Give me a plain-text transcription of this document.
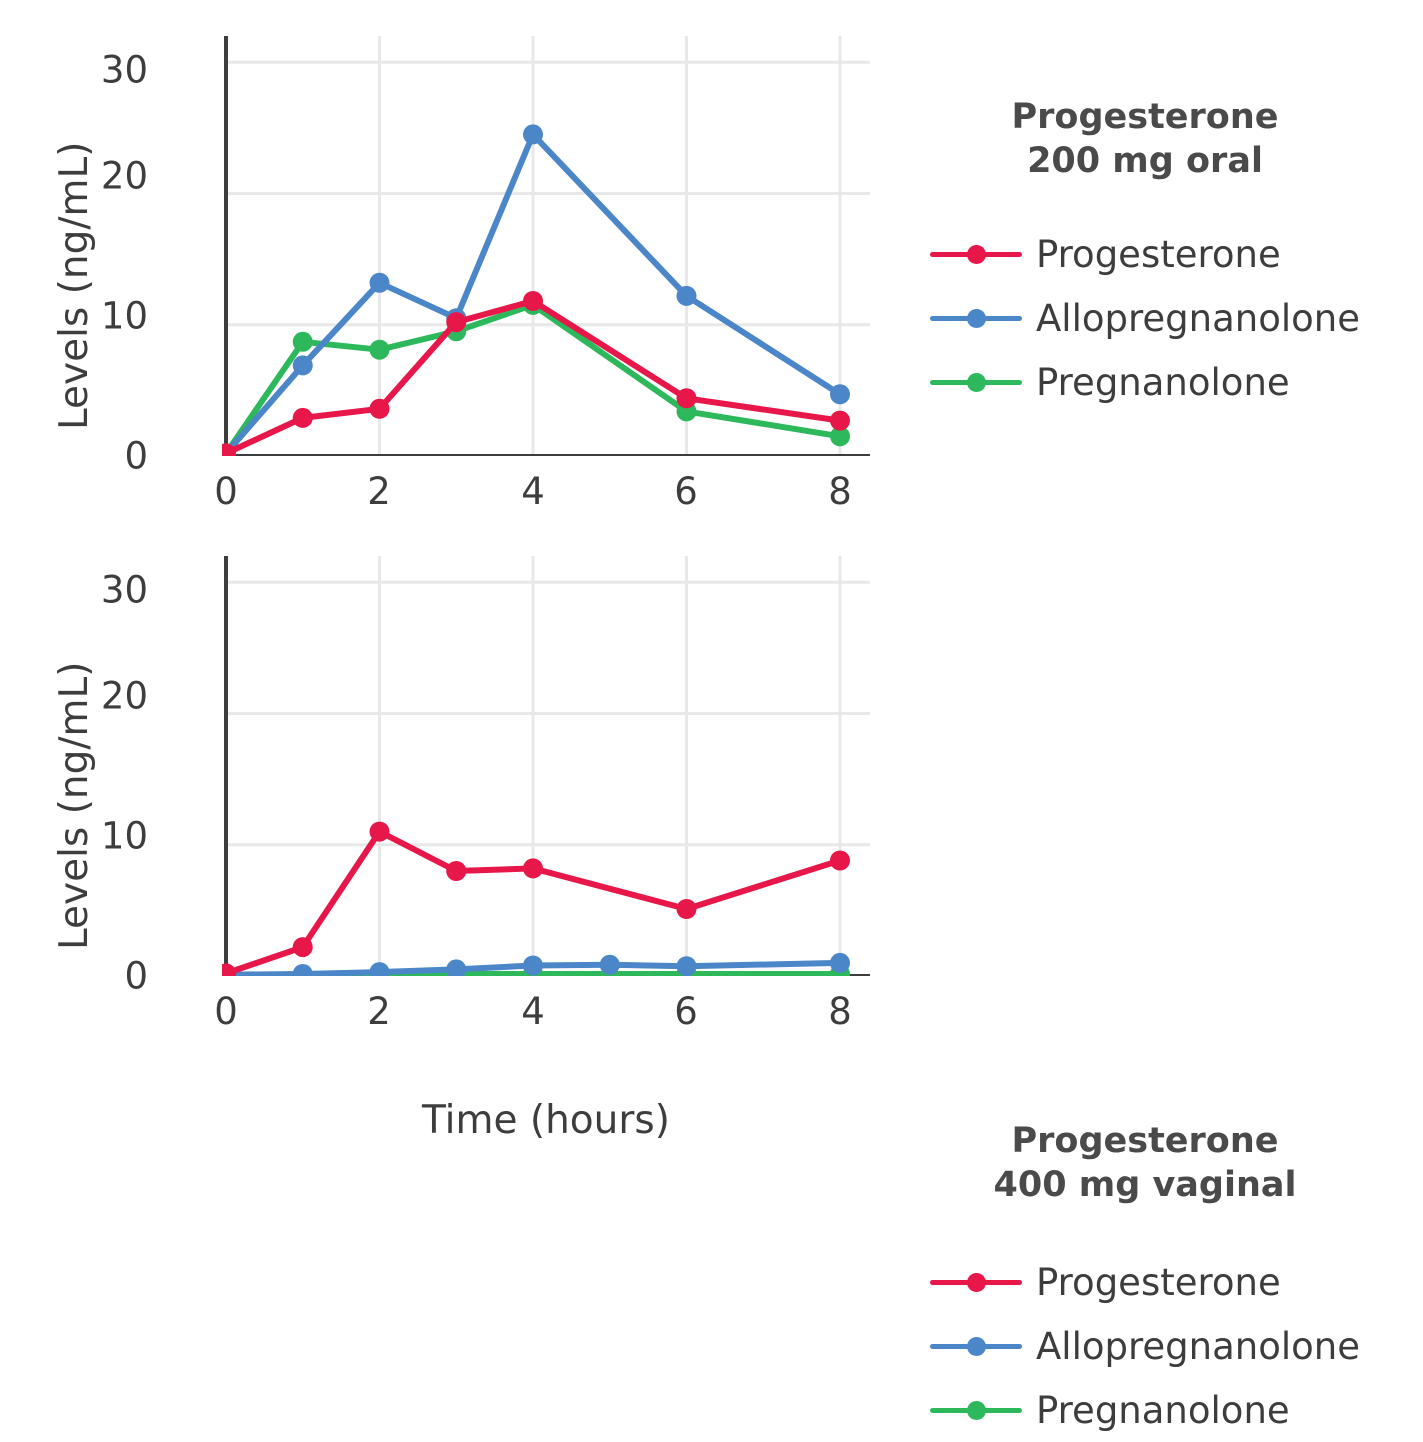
Levels (ng/mL)
0
10
20
30
0	2	4	6	8
Progesterone
200 mg oral
Progesterone
Allopregnanolone
Pregnanolone
Levels (ng/mL)
0
10
20
30
0	2	4	6	8
Progesterone
400 mg vaginal
Progesterone
Allopregnanolone
Pregnanolone
Time (hours)
